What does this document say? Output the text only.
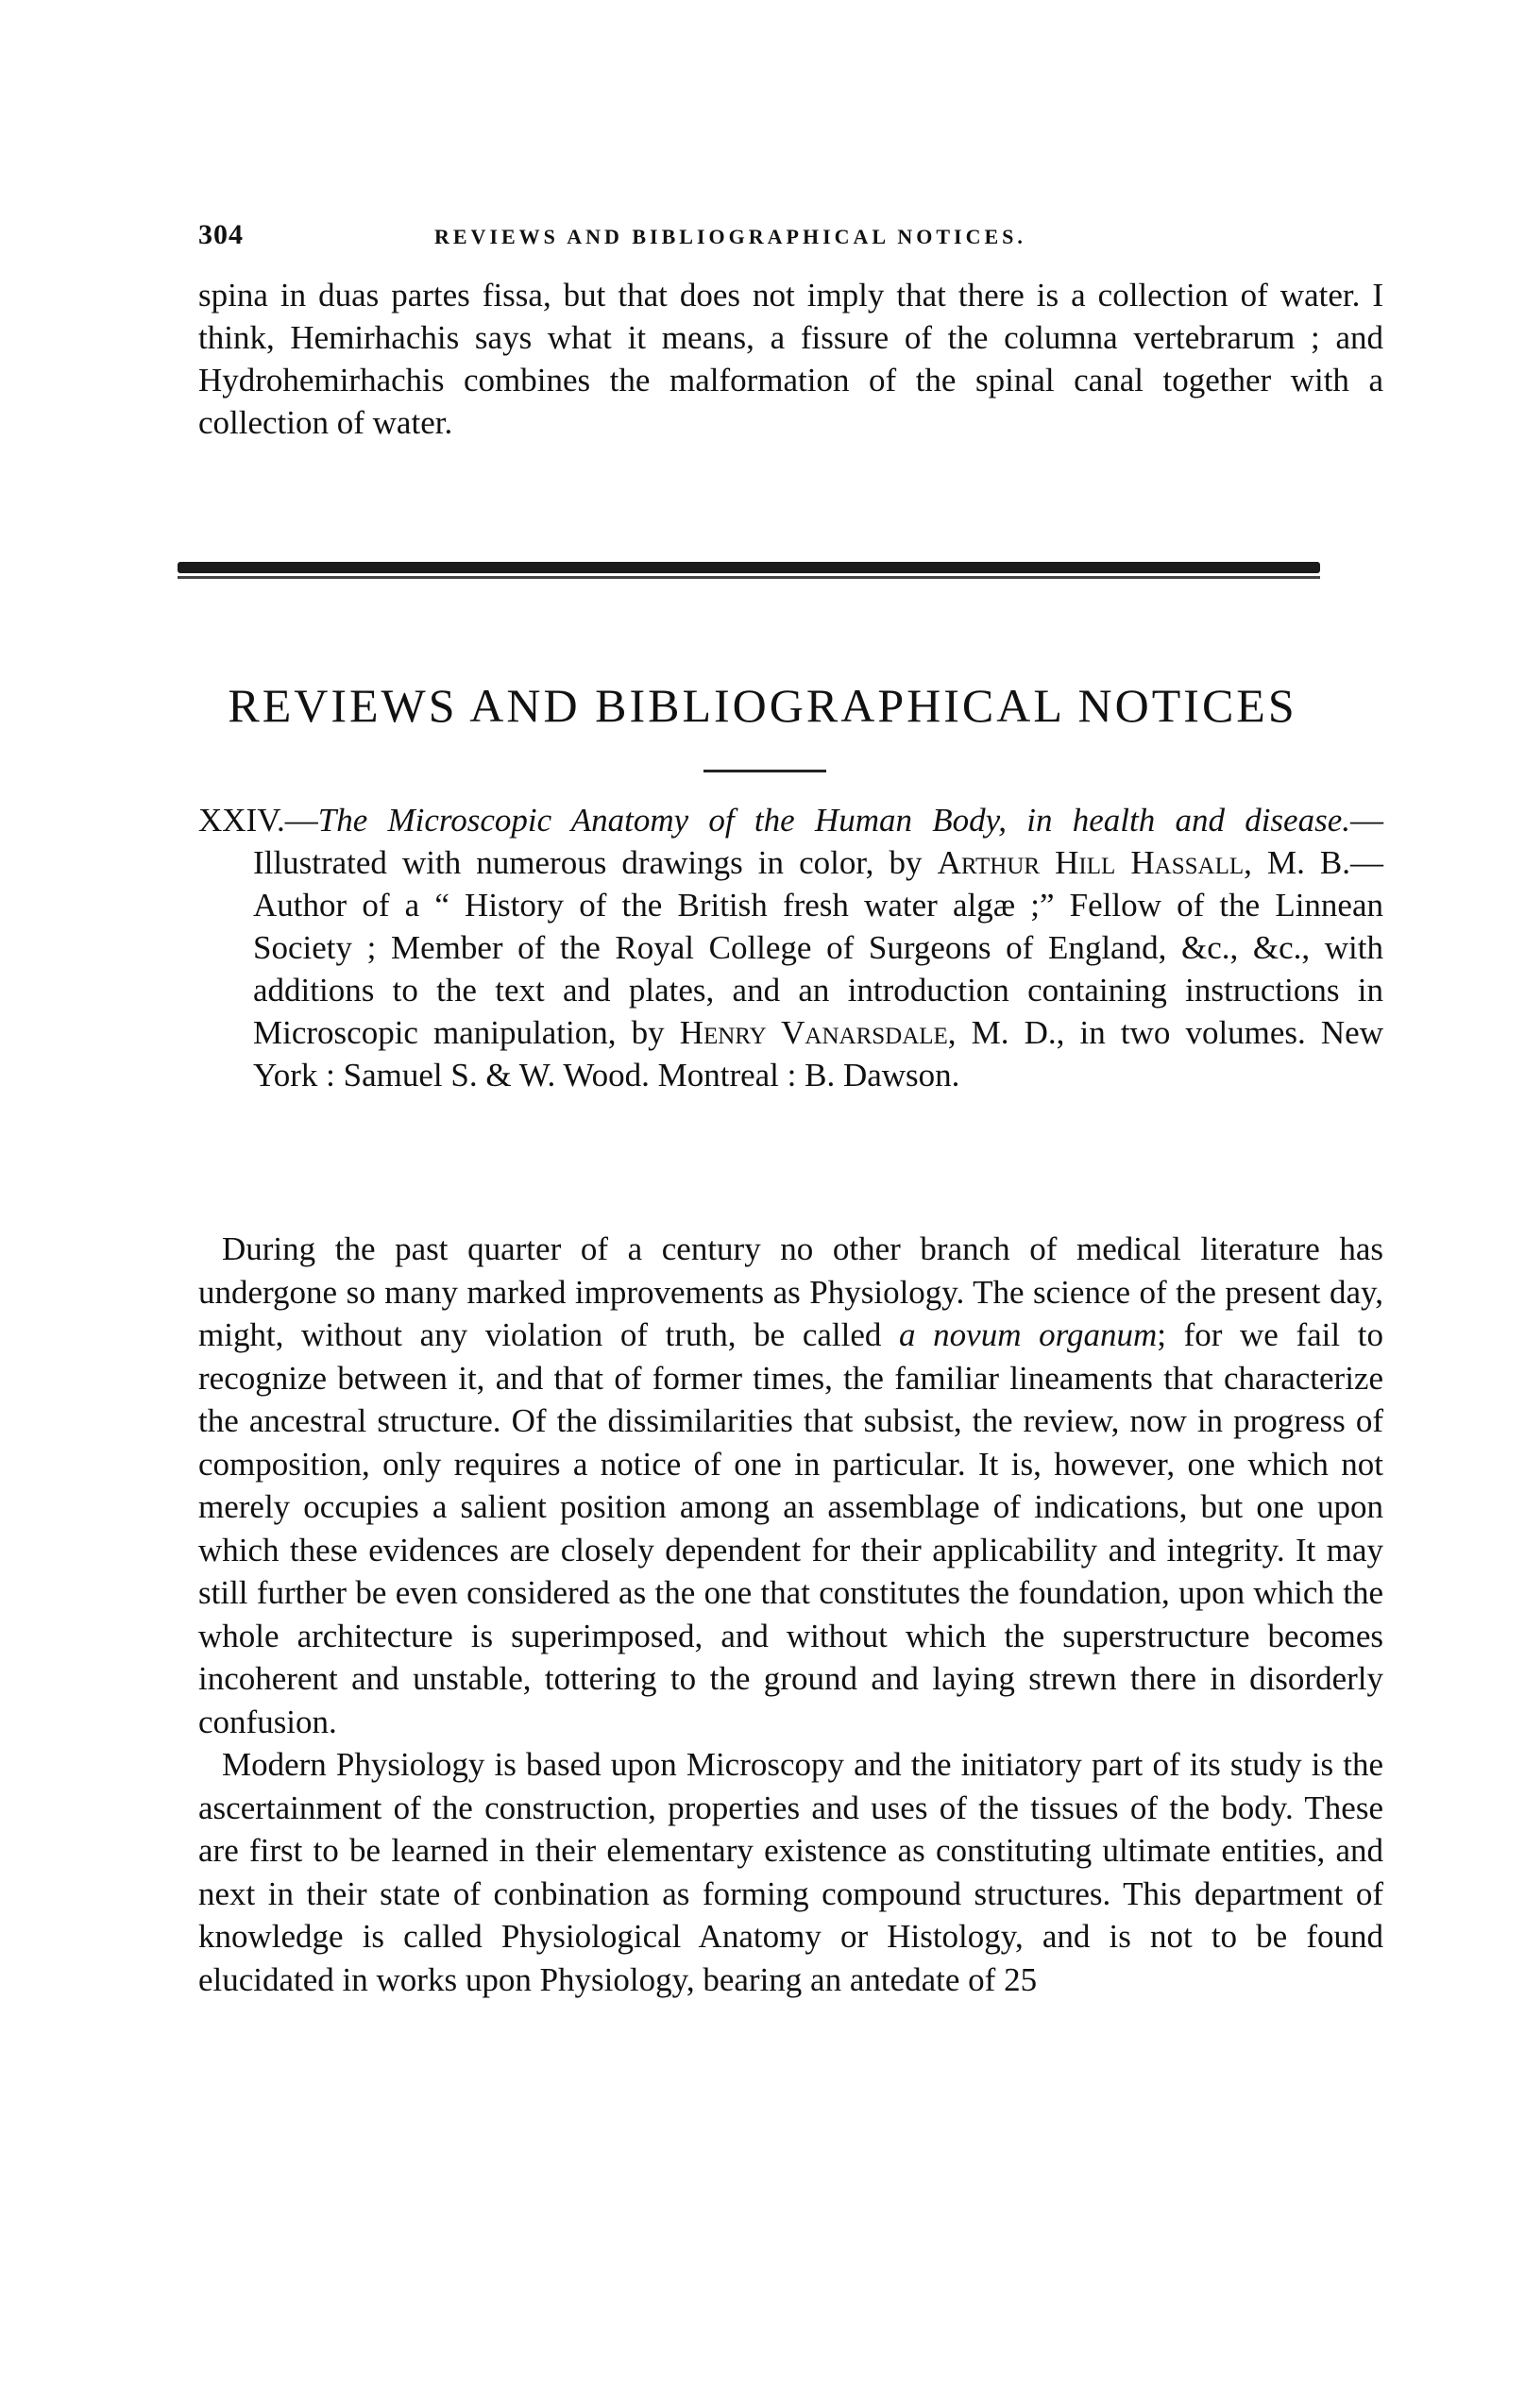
304	REVIEWS AND BIBLIOGRAPHICAL NOTICES.
spina in duas partes fissa, but that does not imply that there is a collection of water. I think, Hemirhachis says what it means, a fissure of the columna vertebrarum ; and Hydrohemirhachis combines the malformation of the spinal canal together with a collection of water.
REVIEWS AND BIBLIOGRAPHICAL NOTICES
XXIV.—The Microscopic Anatomy of the Human Body, in health and disease.—Illustrated with numerous drawings in color, by Arthur Hill Hassall, M. B.—Author of a “ History of the British fresh water algæ ;” Fellow of the Linnean Society ; Member of the Royal College of Surgeons of England, &c., &c., with additions to the text and plates, and an introduction containing instructions in Microscopic manipulation, by Henry Vanarsdale, M. D., in two volumes. New York : Samuel S. & W. Wood. Montreal : B. Dawson.

During the past quarter of a century no other branch of medical literature has undergone so many marked improvements as Physiology. The science of the present day, might, without any violation of truth, be called a novum organum; for we fail to recognize between it, and that of former times, the familiar lineaments that characterize the ancestral structure. Of the dissimilarities that subsist, the review, now in progress of composition, only requires a notice of one in particular. It is, however, one which not merely occupies a salient position among an assemblage of indications, but one upon which these evidences are closely dependent for their applicability and integrity. It may still further be even considered as the one that constitutes the foundation, upon which the whole architecture is superimposed, and without which the superstructure becomes incoherent and unstable, tottering to the ground and laying strewn there in disorderly confusion.

Modern Physiology is based upon Microscopy and the initiatory part of its study is the ascertainment of the construction, properties and uses of the tissues of the body. These are first to be learned in their elementary existence as constituting ultimate entities, and next in their state of conbination as forming compound structures. This department of knowledge is called Physiological Anatomy or Histology, and is not to be found elucidated in works upon Physiology, bearing an antedate of 25
